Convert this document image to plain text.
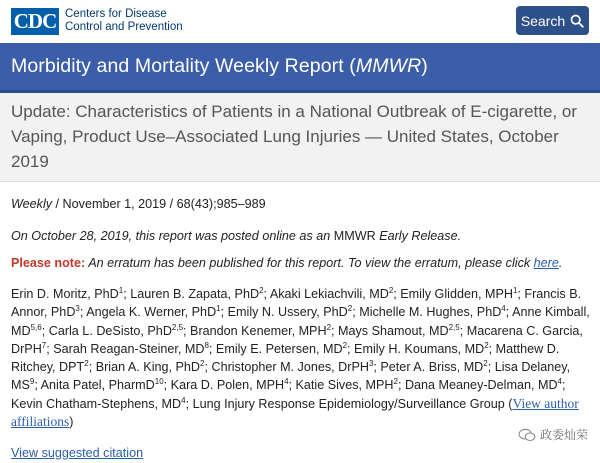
CDC Centers for Disease
Control and Prevention	Search
Morbidity and Mortality Weekly Report (MMWR)
Update: Characteristics of Patients in a National Outbreak of E-cigarette, or Vaping, Product Use–Associated Lung Injuries — United States, October 2019
Weekly / November 1, 2019 / 68(43);985–989
On October 28, 2019, this report was posted online as an MMWR Early Release.
Please note: An erratum has been published for this report. To view the erratum, please click here.
Erin D. Moritz, PhD$^1$; Lauren B. Zapata, PhD$^2$; Akaki Lekiachvili, $MD^2$; Emily Glidden, MPH$^1$; Francis B. Annor, PhD$^3$; Angela K. Werner, PhD$^1$; Emily N. Ussery, PhD$^2$; Michelle M. Hughes, PhD$^4$; Anne Kimball, MD$^{5,6}$; Carla L. DeSisto, PhD$^{2,5}$; Brandon Kenemer, MPH$^2$; Mays Shamout, MD$^{2,5}$; Macarena C. Garcia, DrPH$^7$; Sarah Reagan-Steiner, $MD^8$; Emily E. Petersen, $MD^2$; Emily H. Koumans, $MD^2$; Matthew D. Ritchey, DPT$^2$; Brian A. King, PhD$^2$; Christopher M. Jones, DrPH$^3$; Peter A. Briss, $MD^2$; Lisa Delaney, $MS^9$; Anita Patel, PharmD$^{10}$; Kara D. Polen, MPH$^4$; Katie Sives, MPH$^2$; Dana Meaney-Delman, $MD^4$; Kevin Chatham-Stephens, $MD^4$; Lung Injury Response Epidemiology/Surveillance Group (View author affiliations)
View suggested citation
政委灿荣
